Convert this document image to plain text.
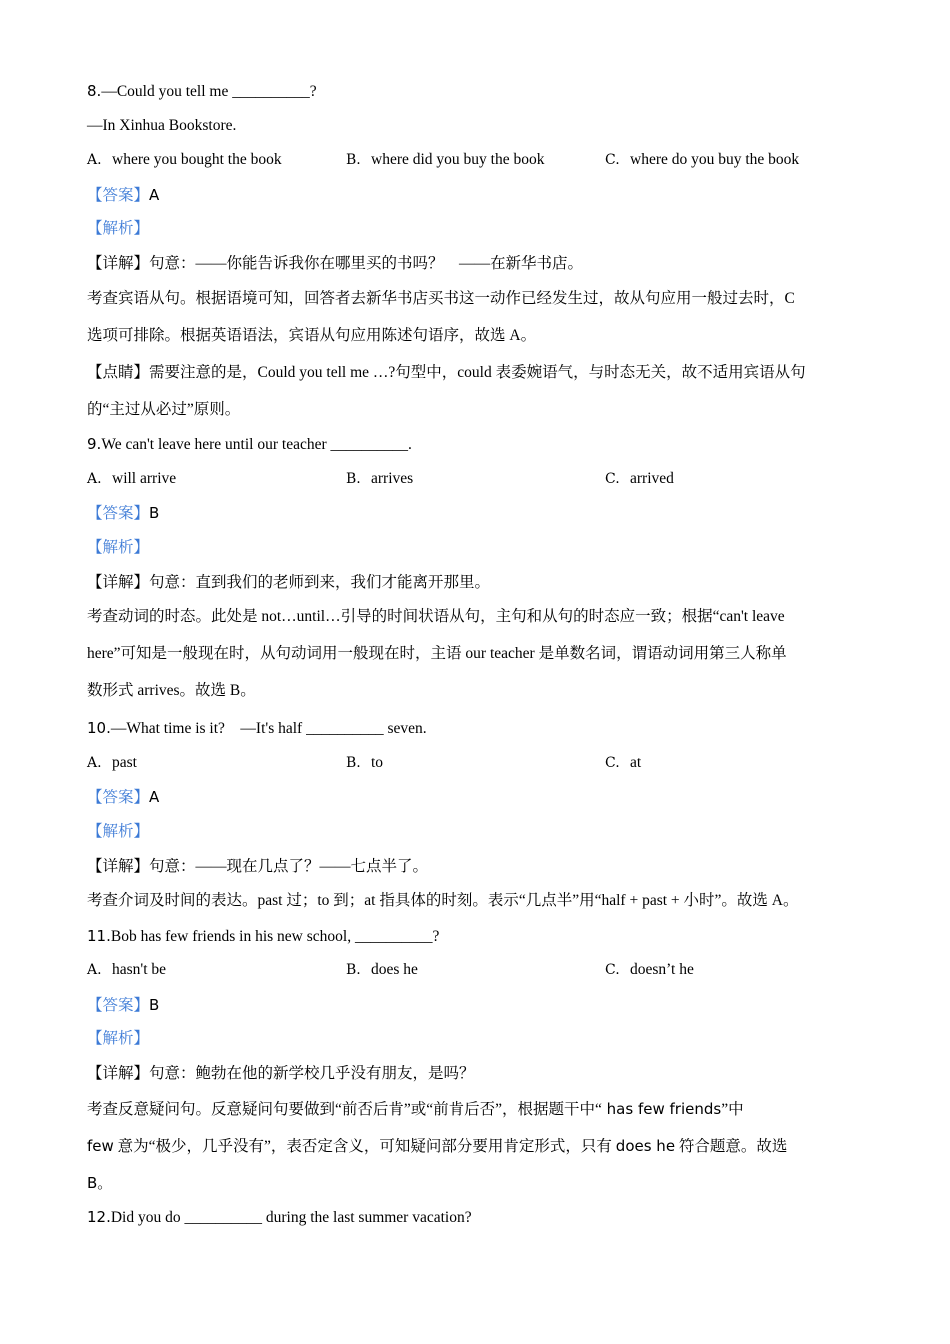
8.—Could you tell me __________?
—In Xinhua Bookstore.
A. where you bought the book	B. where did you buy the book	C. where do you buy the book
【答案】A
【解析】
【详解】句意：——你能告诉我你在哪里买的书吗？　——在新华书店。
考查宾语从句。根据语境可知，回答者去新华书店买书这一动作已经发生过，故从句应用一般过去时，C
选项可排除。根据英语语法，宾语从句应用陈述句语序，故选 A。
【点睛】需要注意的是，Could you tell me …?句型中，could 表委婉语气，与时态无关，故不适用宾语从句
的“主过从必过”原则。
9.We can't leave here until our teacher __________.
A. will arrive	B. arrives	C. arrived
【答案】B
【解析】
【详解】句意：直到我们的老师到来，我们才能离开那里。
考查动词的时态。此处是 not…until…引导的时间状语从句，主句和从句的时态应一致；根据“can't leave
here”可知是一般现在时，从句动词用一般现在时，主语 our teacher 是单数名词，谓语动词用第三人称单
数形式 arrives。故选 B。
10.—What time is it?　—It's half __________ seven.
A. past	B. to	C. at
【答案】A
【解析】
【详解】句意：——现在几点了？——七点半了。
考查介词及时间的表达。past 过；to 到；at 指具体的时刻。表示“几点半”用“half + past + 小时”。故选 A。
11.Bob has few friends in his new school, __________?
A. hasn't be	B. does he	C. doesn’t he
【答案】B
【解析】
【详解】句意：鲍勃在他的新学校几乎没有朋友，是吗？
考查反意疑问句。反意疑问句要做到“前否后肯”或“前肯后否”，根据题干中“ has few friends”中
few 意为“极少，几乎没有”，表否定含义，可知疑问部分要用肯定形式，只有 does he 符合题意。故选
B。
12.Did you do __________ during the last summer vacation?
